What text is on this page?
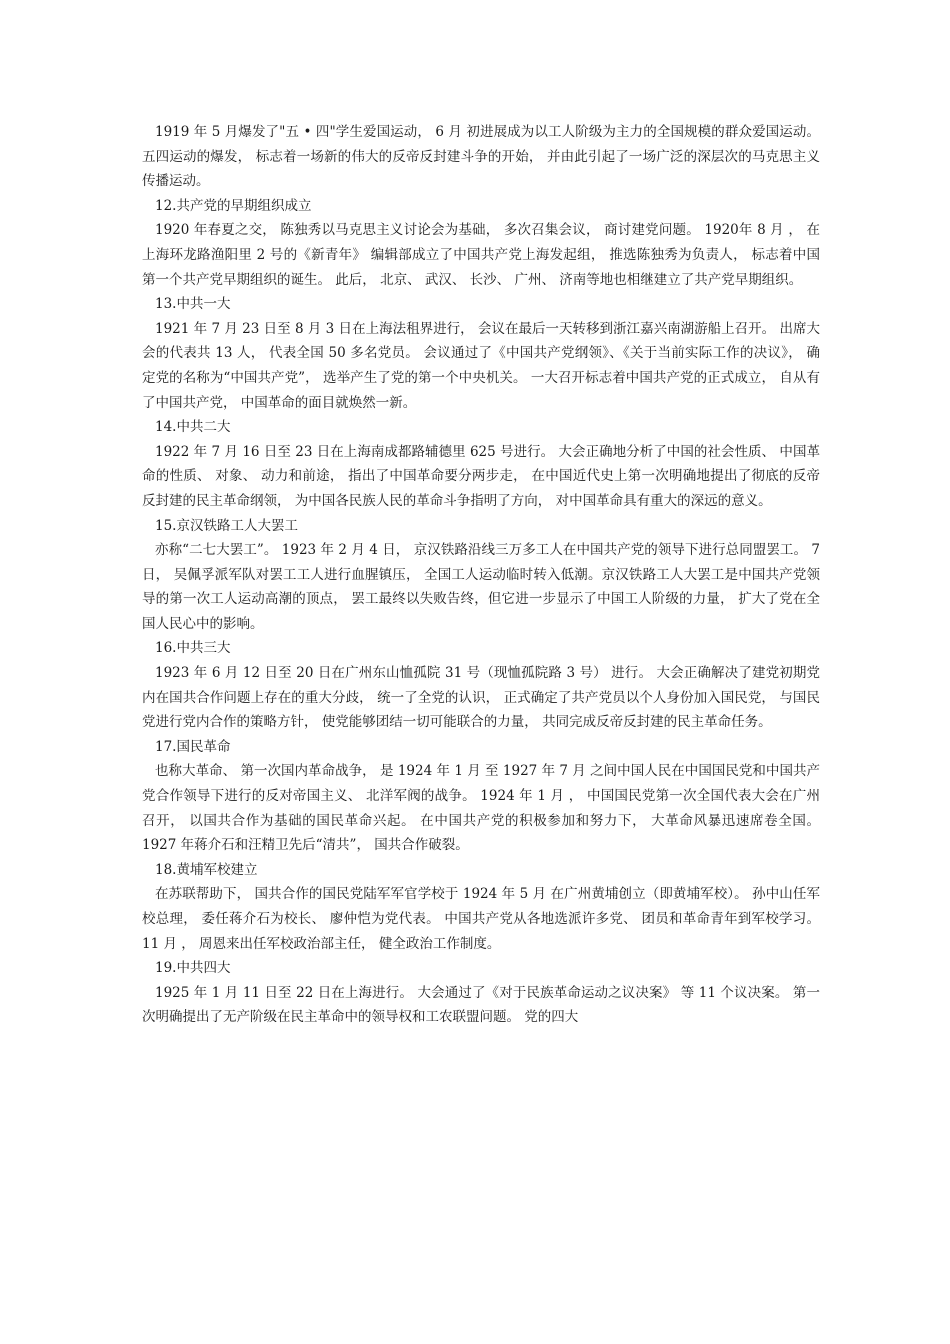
1919 年 5 月爆发了"五 • 四"学生爱国运动， 6 月 初进展成为以工人阶级为主力的全国规模的群众爱国运动。 五四运动的爆发， 标志着一场新的伟大的反帝反封建斗争的开始， 并由此引起了一场广泛的深层次的马克思主义传播运动。

12.共产党的早期组织成立

1920 年春夏之交， 陈独秀以马克思主义讨论会为基础， 多次召集会议， 商讨建党问题。 1920年 8 月 ， 在上海环龙路渔阳里 2 号的《新青年》 编辑部成立了中国共产党上海发起组， 推选陈独秀为负责人， 标志着中国第一个共产党早期组织的诞生。 此后， 北京、 武汉、 长沙、 广州、 济南等地也相继建立了共产党早期组织。

13.中共一大

1921 年 7 月 23 日至 8 月 3 日在上海法租界进行， 会议在最后一天转移到浙江嘉兴南湖游船上召开。 出席大会的代表共 13 人， 代表全国 50 多名党员。 会议通过了《中国共产党纲领》、《关于当前实际工作的决议》， 确定党的名称为“中国共产党”， 选举产生了党的第一个中央机关。 一大召开标志着中国共产党的正式成立， 自从有了中国共产党， 中国革命的面目就焕然一新。

14.中共二大

1922 年 7 月 16 日至 23 日在上海南成都路辅德里 625 号进行。 大会正确地分析了中国的社会性质、 中国革命的性质、 对象、 动力和前途， 指出了中国革命要分两步走， 在中国近代史上第一次明确地提出了彻底的反帝反封建的民主革命纲领， 为中国各民族人民的革命斗争指明了方向， 对中国革命具有重大的深远的意义。

15.京汉铁路工人大罢工

亦称“二七大罢工”。 1923 年 2 月 4 日， 京汉铁路沿线三万多工人在中国共产党的领导下进行总同盟罢工。 7 日， 吴佩孚派军队对罢工工人进行血腥镇压， 全国工人运动临时转入低潮。京汉铁路工人大罢工是中国共产党领导的第一次工人运动高潮的顶点， 罢工最终以失败告终，但它进一步显示了中国工人阶级的力量， 扩大了党在全国人民心中的影响。

16.中共三大

1923 年 6 月 12 日至 20 日在广州东山恤孤院 31 号（现恤孤院路 3 号） 进行。 大会正确解决了建党初期党内在国共合作问题上存在的重大分歧， 统一了全党的认识， 正式确定了共产党员以个人身份加入国民党， 与国民党进行党内合作的策略方针， 使党能够团结一切可能联合的力量， 共同完成反帝反封建的民主革命任务。

17.国民革命

也称大革命、 第一次国内革命战争， 是 1924 年 1 月 至 1927 年 7 月 之间中国人民在中国国民党和中国共产党合作领导下进行的反对帝国主义、 北洋军阀的战争。 1924 年 1 月 ， 中国国民党第一次全国代表大会在广州召开， 以国共合作为基础的国民革命兴起。 在中国共产党的积极参加和努力下， 大革命风暴迅速席卷全国。 1927 年蒋介石和汪精卫先后“清共”， 国共合作破裂。

18.黄埔军校建立

在苏联帮助下， 国共合作的国民党陆军军官学校于 1924 年 5 月 在广州黄埔创立（即黄埔军校）。 孙中山任军校总理， 委任蒋介石为校长、 廖仲恺为党代表。 中国共产党从各地选派许多党、 团员和革命青年到军校学习。 11 月 ， 周恩来出任军校政治部主任， 健全政治工作制度。

19.中共四大

1925 年 1 月 11 日至 22 日在上海进行。 大会通过了《对于民族革命运动之议决案》 等 11 个议决案。 第一次明确提出了无产阶级在民主革命中的领导权和工农联盟问题。 党的四大
